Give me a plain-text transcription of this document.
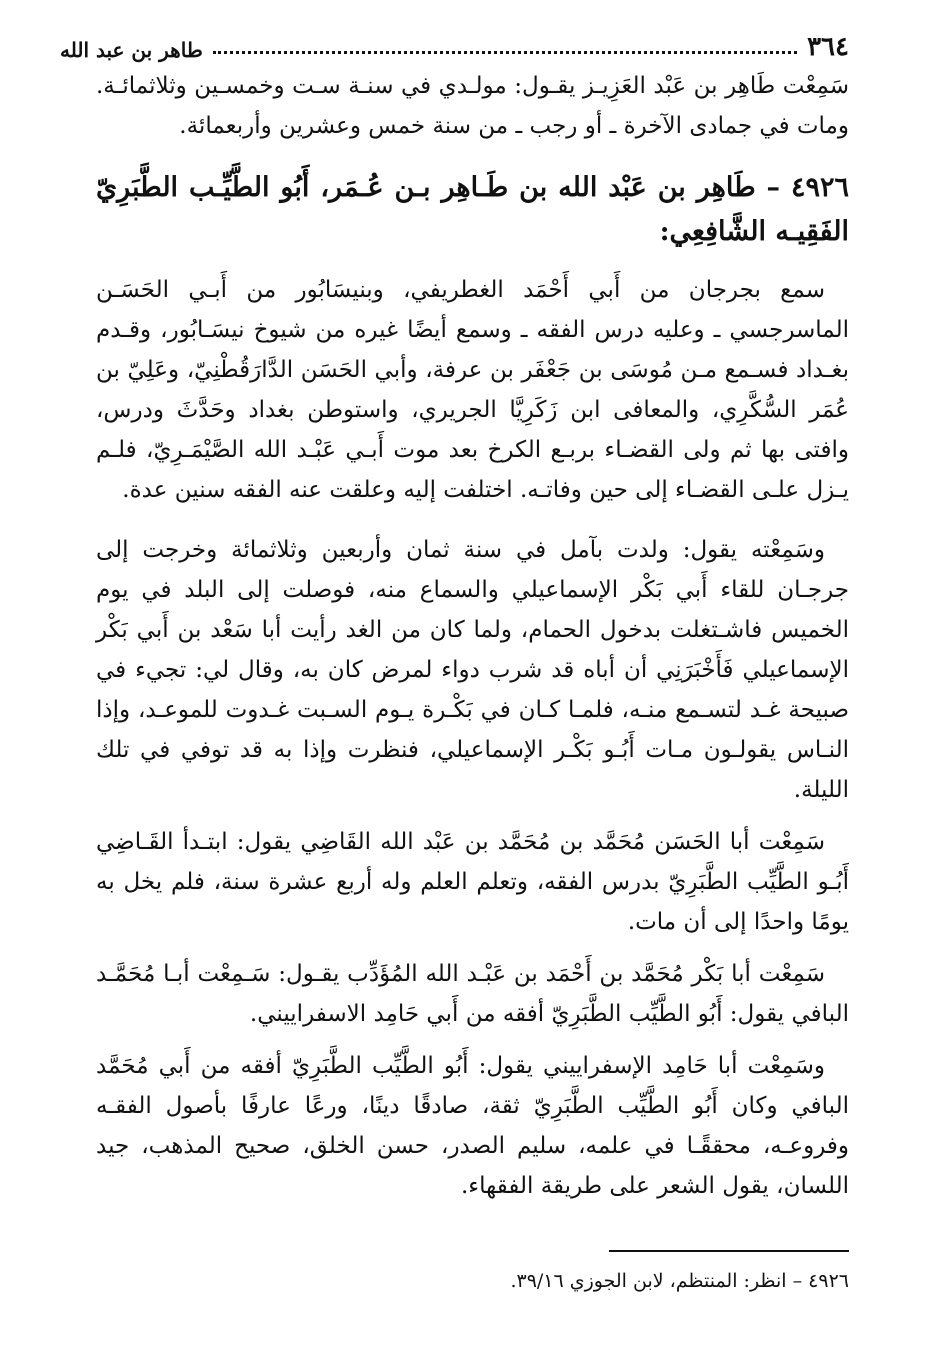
٣٦٤
طاهر بن عبد الله

سَمِعْت طَاهِر بن عَبْد العَزِيـز يقـول: مولـدي في سنـة سـت وخمسـين وثلاثمائـة. ومات في جمادى الآخرة ـ أو رجب ـ من سنة خمس وعشرين وأربعمائة.

٤٩٢٦ – طَاهِر بن عَبْد الله بن طَـاهِر بـن عُـمَر، أَبُو الطَّيِّـب الطَّبَرِيّ الفَقِيـه الشَّافِعِي:

سمع بجرجان من أَبي أَحْمَد الغطريفي، وبنيسَابُور من أَبـي الحَسَـن الماسرجسي ـ وعليه درس الفقه ـ وسمع أيضًا غيره من شيوخ نيسَـابُور، وقـدم بغـداد فسـمع مـن مُوسَى بن جَعْفَر بن عرفة، وأبي الحَسَن الدَّارَقُطْنِيّ، وعَلِيّ بن عُمَر السُّكَّرِي، والمعافى ابن زَكَرِيَّا الجريري، واستوطن بغداد وحَدَّثَ ودرس، وافتى بها ثم ولى القضـاء بربـع الكرخ بعد موت أَبـي عَبْـد الله الصَّيْمَـرِيّ، فلـم يـزل علـى القضـاء إلى حين وفاتـه. اختلفت إليه وعلقت عنه الفقه سنين عدة.

وسَمِعْته يقول: ولدت بآمل في سنة ثمان وأربعين وثلاثمائة وخرجت إلى جرجـان للقاء أَبي بَكْر الإسماعيلي والسماع منه، فوصلت إلى البلد في يوم الخميس فاشـتغلت بدخول الحمام، ولما كان من الغد رأيت أبا سَعْد بن أَبي بَكْر الإسماعيلي فَأَخْبَرَنِي أن أباه قد شرب دواء لمرض كان به، وقال لي: تجيء في صبيحة غـد لتسـمع منـه، فلمـا كـان في بَكْـرة يـوم السـبت غـدوت للموعـد، وإذا النـاس يقولـون مـات أَبُـو بَكْـر الإسماعيلي، فنظرت وإذا به قد توفي في تلك الليلة.

سَمِعْت أبا الحَسَن مُحَمَّد بن مُحَمَّد بن عَبْد الله القَاضِي يقول: ابتـدأ القَـاضِي أَبُـو الطَّيِّب الطَّبَرِيّ بدرس الفقه، وتعلم العلم وله أربع عشرة سنة، فلم يخل به يومًا واحدًا إلى أن مات.

سَمِعْت أبا بَكْر مُحَمَّد بن أَحْمَد بن عَبْـد الله المُؤَدِّب يقـول: سَـمِعْت أبـا مُحَمَّـد البافي يقول: أَبُو الطَّيِّب الطَّبَرِيّ أفقه من أَبي حَامِد الاسفراييني.

وسَمِعْت أبا حَامِد الإسفراييني يقول: أَبُو الطَّيِّب الطَّبَرِيّ أفقه من أَبي مُحَمَّد البافي وكان أَبُو الطَّيِّب الطَّبَرِيّ ثقة، صادقًا دينًا، ورعًا عارفًا بأصول الفقـه وفروعـه، محققًـا في علمه، سليم الصدر، حسن الخلق، صحيح المذهب، جيد اللسان، يقول الشعر على طريقة الفقهاء.

٤٩٢٦ – انظر: المنتظم، لابن الجوزي ٣٩/١٦.
